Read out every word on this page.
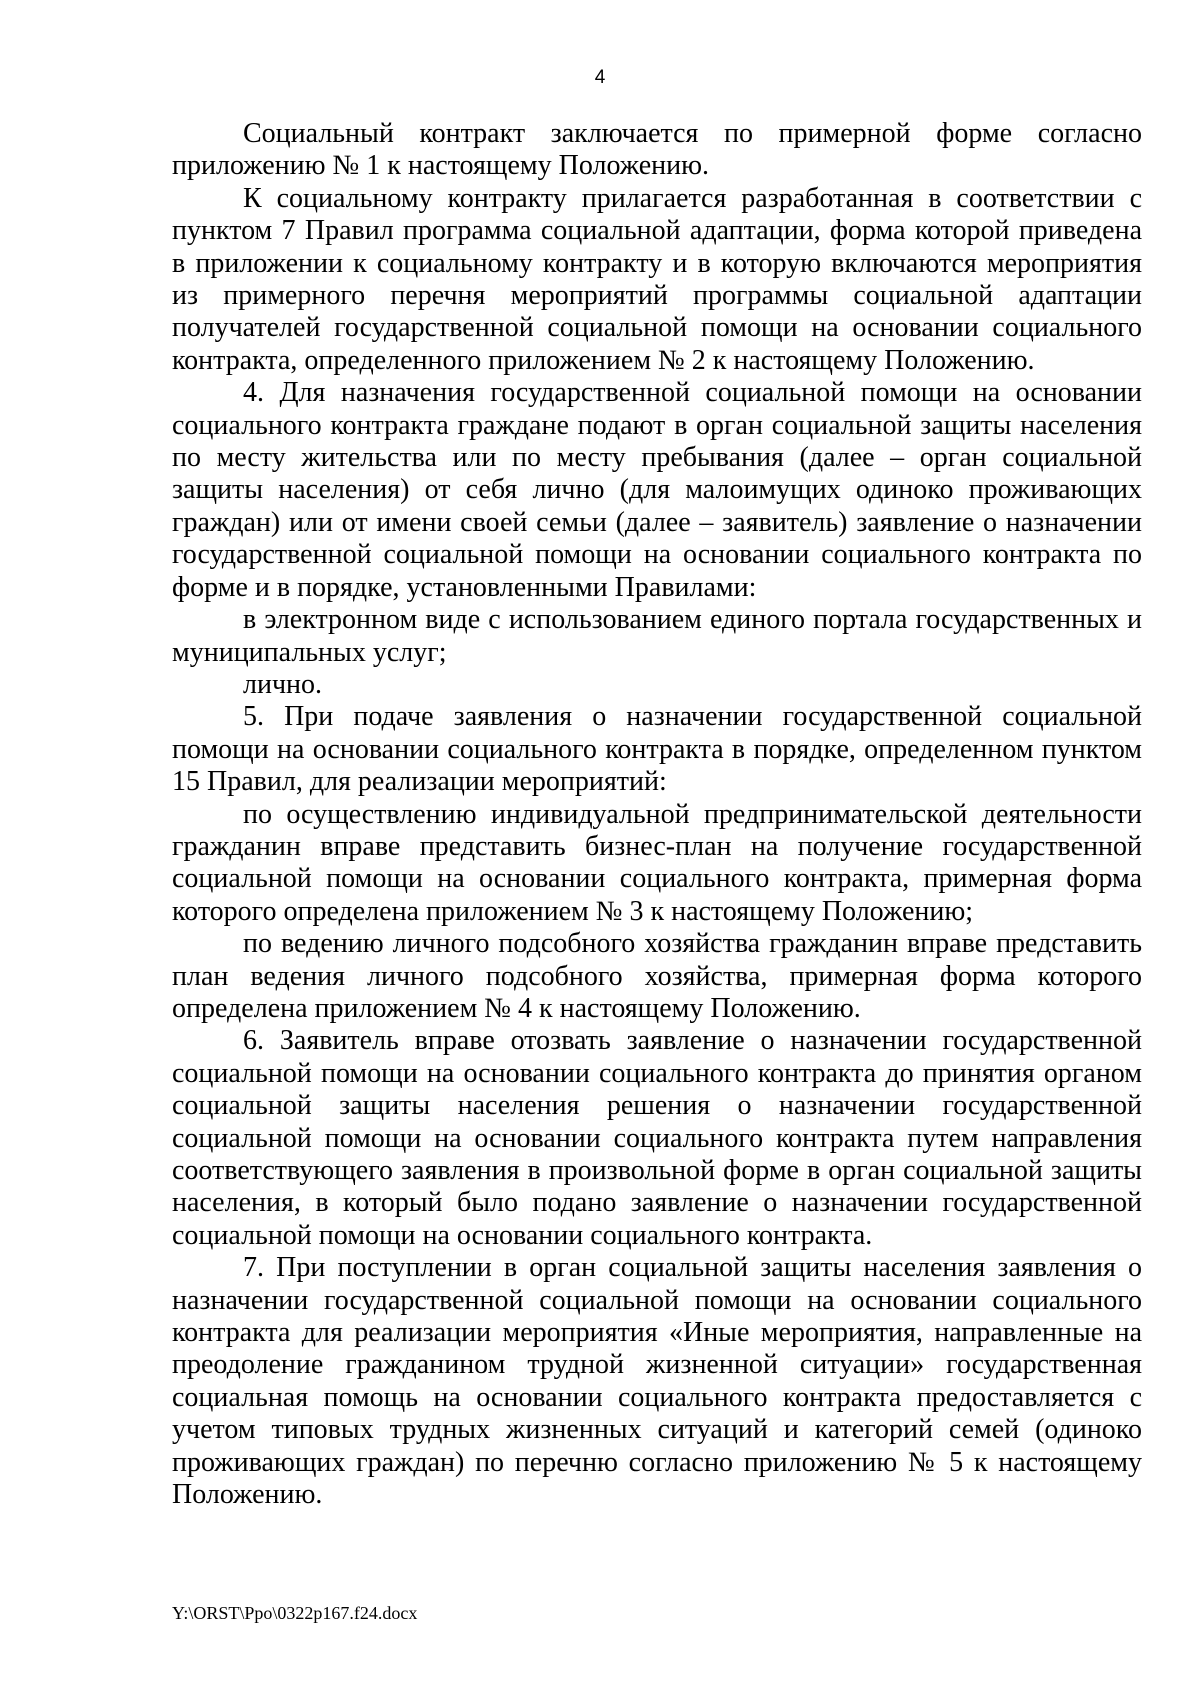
4

Социальный контракт заключается по примерной форме согласно приложению № 1 к настоящему Положению.

К социальному контракту прилагается разработанная в соответствии с пунктом 7 Правил программа социальной адаптации, форма которой приведена в приложении к социальному контракту и в которую включаются мероприятия из примерного перечня мероприятий программы социальной адаптации получателей государственной социальной помощи на основании социального контракта, определенного приложением № 2 к настоящему Положению.

4. Для назначения государственной социальной помощи на основании социального контракта граждане подают в орган социальной защиты населения по месту жительства или по месту пребывания (далее – орган социальной защиты населения) от себя лично (для малоимущих одиноко проживающих граждан) или от имени своей семьи (далее – заявитель) заявление о назначении государственной социальной помощи на основании социального контракта по форме и в порядке, установленными Правилами:

в электронном виде с использованием единого портала государственных и муниципальных услуг;

лично.

5. При подаче заявления о назначении государственной социальной помощи на основании социального контракта в порядке, определенном пунктом 15 Правил, для реализации мероприятий:

по осуществлению индивидуальной предпринимательской деятельности гражданин вправе представить бизнес-план на получение государственной социальной помощи на основании социального контракта, примерная форма которого определена приложением № 3 к настоящему Положению;

по ведению личного подсобного хозяйства гражданин вправе представить план ведения личного подсобного хозяйства, примерная форма которого определена приложением № 4 к настоящему Положению.

6. Заявитель вправе отозвать заявление о назначении государственной социальной помощи на основании социального контракта до принятия органом социальной защиты населения решения о назначении государственной социальной помощи на основании социального контракта путем направления соответствующего заявления в произвольной форме в орган социальной защиты населения, в который было подано заявление о назначении государственной социальной помощи на основании социального контракта.

7. При поступлении в орган социальной защиты населения заявления о назначении государственной социальной помощи на основании социального контракта для реализации мероприятия «Иные мероприятия, направленные на преодоление гражданином трудной жизненной ситуации» государственная социальная помощь на основании социального контракта предоставляется с учетом типовых трудных жизненных ситуаций и категорий семей (одиноко проживающих граждан) по перечню согласно приложению № 5 к настоящему Положению.

Y:\ORST\Ppo\0322p167.f24.docx
